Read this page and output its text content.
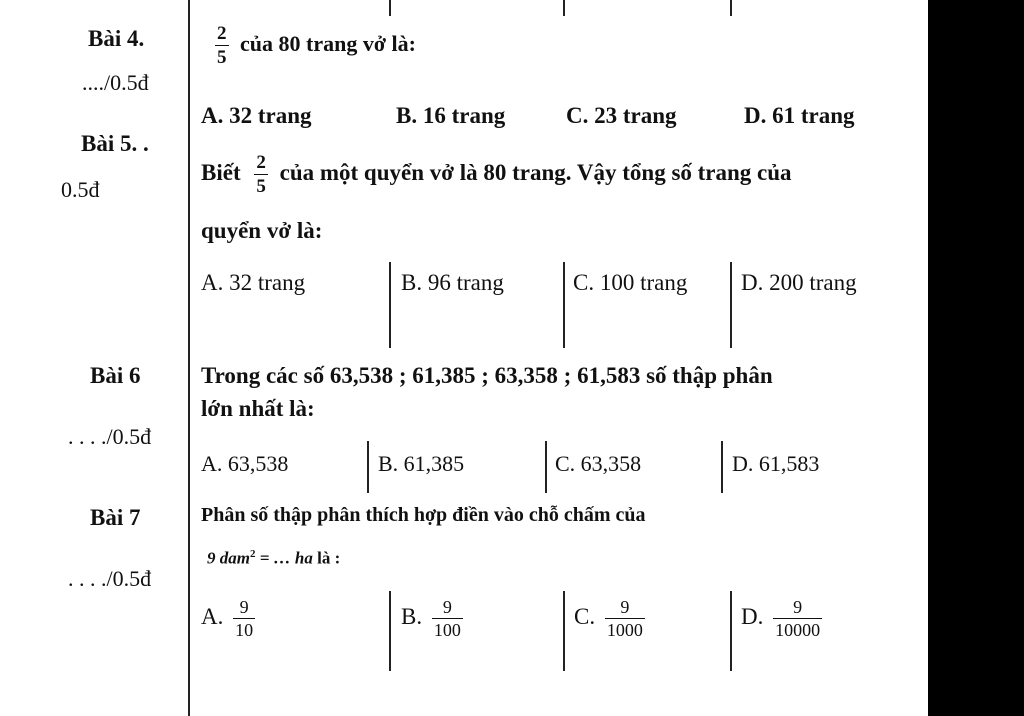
Bài 4.
..../0.5đ
$\frac{2}{5}$ của 80 trang vở là:
A. 32 trang	B. 16 trang	C. 23 trang	D. 61 trang
Bài 5. .
0.5đ
Biết $\frac{2}{5}$ của một quyển vở là 80 trang. Vậy tổng số trang của
quyển vở là:
A. 32 trang	B. 96 trang	C. 100 trang D. 200 trang
Bài 6
. . . ./0.5đ
Trong các số 63,538 ; 61,385 ; 63,358 ; 61,583 số thập phân
lớn nhất là:
A. 63,538	B. 61,385	C. 63,358	D. 61,583
Bài 7
. . . ./0.5đ
Phân số thập phân thích hợp điền vào chỗ chấm của
9 dam$^2$ = … ha là :
A. $\frac{9}{10}$	B. $\frac{9}{100}$	C. $\frac{9}{1000}$	D. $\frac{9}{10000}$
